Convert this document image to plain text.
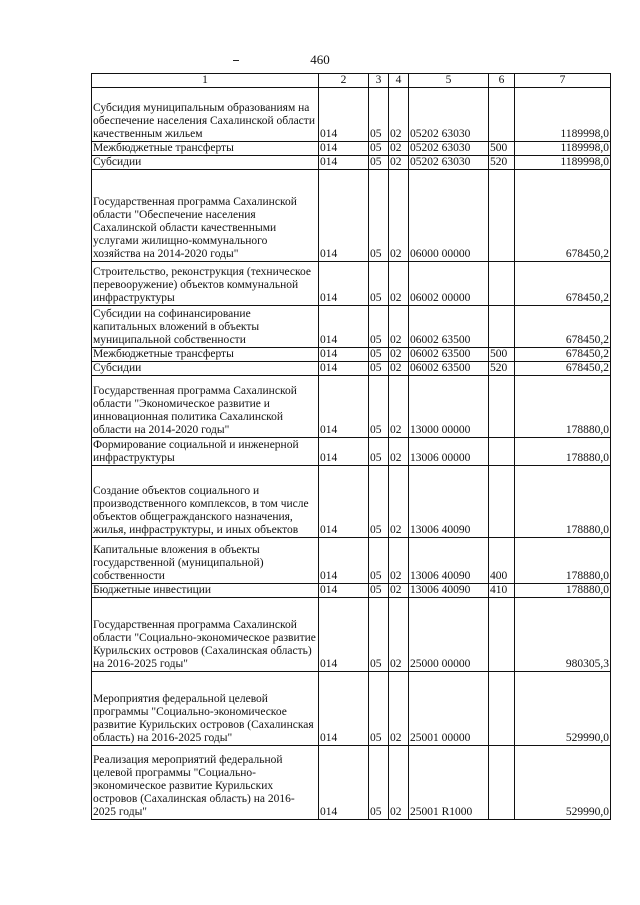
460
1	2	3	4	5	6	7
Субсидия муниципальным образованиям на обеспечение населения Сахалинской области качественным жильем	014	05	02	05202 63030		1189998,0
Межбюджетные трансферты	014	05	02	05202 63030	500	1189998,0
Субсидии	014	05	02	05202 63030	520	1189998,0
Государственная программа Сахалинской области "Обеспечение населения Сахалинской области качественными услугами жилищно-коммунального хозяйства на 2014-2020 годы"	014	05	02	06000 00000		678450,2
Строительство, реконструкция (техническое перевооружение) объектов коммунальной инфраструктуры	014	05	02	06002 00000		678450,2
Субсидии на софинансирование капитальных вложений в объекты муниципальной собственности	014	05	02	06002 63500		678450,2
Межбюджетные трансферты	014	05	02	06002 63500	500	678450,2
Субсидии	014	05	02	06002 63500	520	678450,2
Государственная программа Сахалинской области "Экономическое развитие и инновационная политика Сахалинской области на 2014-2020 годы"	014	05	02	13000 00000		178880,0
Формирование социальной и инженерной инфраструктуры	014	05	02	13006 00000		178880,0
Создание объектов социального и производственного комплексов, в том числе объектов общегражданского назначения, жилья, инфраструктуры, и иных объектов	014	05	02	13006 40090		178880,0
Капитальные вложения в объекты государственной (муниципальной) собственности	014	05	02	13006 40090	400	178880,0
Бюджетные инвестиции	014	05	02	13006 40090	410	178880,0
Государственная программа Сахалинской области "Социально-экономическое развитие Курильских островов (Сахалинская область) на 2016-2025 годы"	014	05	02	25000 00000		980305,3
Мероприятия федеральной целевой программы "Социально-экономическое развитие Курильских островов (Сахалинская область) на 2016-2025 годы"	014	05	02	25001 00000		529990,0
Реализация мероприятий федеральной целевой программы "Социально-экономическое развитие Курильских островов (Сахалинская область) на 2016-2025 годы"	014	05	02	25001 R1000		529990,0
